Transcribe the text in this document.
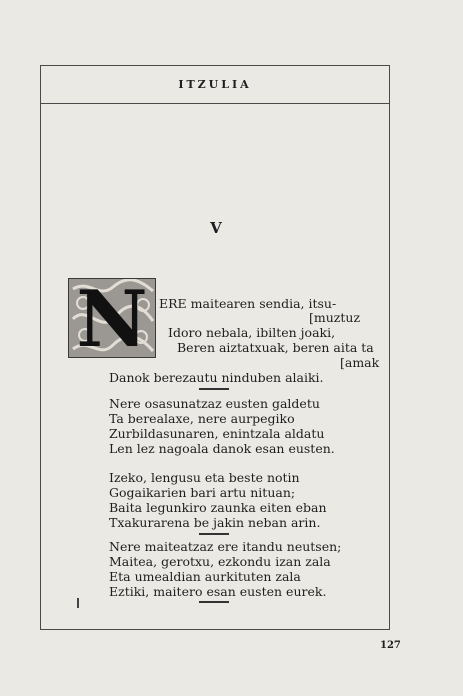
ITZULIA
V
N ERE maitearen sendia, itsu-
[muztuz
Idoro nebala, ibilten joaki,
Beren aiztatxuak, beren aita ta
[amak
Danok berezautu ninduben alaiki.
Nere osasunatzaz eusten galdetu
Ta berealaxe, nere aurpegiko
Zurbildasunaren, enintzala aldatu
Len lez nagoala danok esan eusten.
Izeko, lengusu eta beste notin
Gogaikarien bari artu nituan;
Baita legunkiro zaunka eiten eban
Txakurarena be jakin neban arin.
Nere maiteatzaz ere itandu neutsen;
Maitea, gerotxu, ezkondu izan zala
Eta umealdian aurkituten zala
Eztiki, maitero esan eusten eurek.
127
